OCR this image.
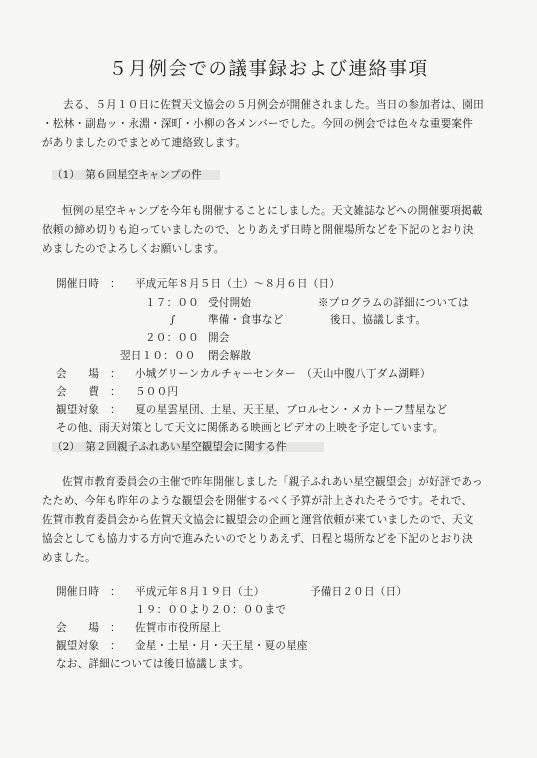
５月例会での議事録および連絡事項
去る、５月１０日に佐賀天文協会の５月例会が開催されました。当日の参加者は、園田
・松林・副島ッ・永淵・深町・小柳の各メンバーでした。今回の例会では色々な重要案件
がありましたのでまとめて連絡致します。
（1）　第６回星空キャンプの件
恒例の星空キャンプを今年も開催することにしました。天文雑誌などへの開催要項掲載
依頼の締め切りも迫っていましたので、とりあえず日時と開催場所などを下記のとおり決
めましたのでよろしくお願いします。
開催日時　： 平成元年８月５日（土）～８月６日（日）
１７：００ 受付開始	※プログラムの詳細については
∫	準備・食事など	後日、協議します。
２０：００ 開会
翌日１０：００ 閉会解散
会　　場　： 小城グリーンカルチャーセンター　（天山中腹八丁ダム湖畔）
会　　費　： ５００円
観望対象　： 夏の星雲星団、土星、天王星、ブロルセン・メカトーフ彗星など
その他、雨天対策として天文に関係ある映画とビデオの上映を予定しています。
（2）　第２回親子ふれあい星空観望会に関する件
佐賀市教育委員会の主催で昨年開催しました「親子ふれあい星空観望会」が好評であっ
たため、今年も昨年のような観望会を開催するべく予算が計上されたそうです。それで、
佐賀市教育委員会から佐賀天文協会に観望会の企画と運営依頼が来ていましたので、天文
協会としても協力する方向で進みたいのでとりあえず、日程と場所などを下記のとおり決
めました。
開催日時　： 平成元年８月１９日（土）	予備日２０日（日）
１９：００より２０：００まで
会　　場　： 佐賀市市役所屋上
観望対象　： 金星・土星・月・天王星・夏の星座
なお、詳細については後日協議します。
